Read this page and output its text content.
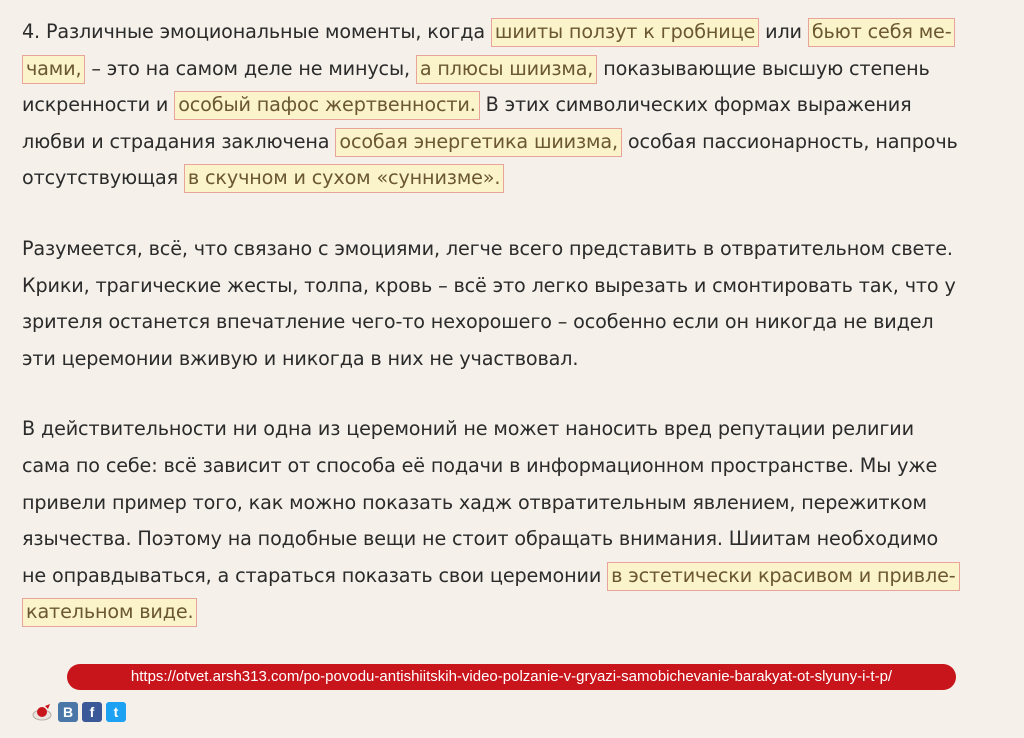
4. Различные эмоциональные моменты, когда шииты ползут к гробнице или бьют себя ме-
чами, – это на самом деле не минусы, а плюсы шиизма, показывающие высшую степень
искренности и особый пафос жертвенности. В этих символических формах выражения
любви и страдания заключена особая энергетика шиизма, особая пассионарность, напрочь
отсутствующая в скучном и сухом «суннизме».
Разумеется, всё, что связано с эмоциями, легче всего представить в отвратительном свете.
Крики, трагические жесты, толпа, кровь – всё это легко вырезать и смонтировать так, что у
зрителя останется впечатление чего-то нехорошего – особенно если он никогда не видел
эти церемонии вживую и никогда в них не участвовал.
В действительности ни одна из церемоний не может наносить вред репутации религии
сама по себе: всё зависит от способа её подачи в информационном пространстве. Мы уже
привели пример того, как можно показать хадж отвратительным явлением, пережитком
язычества. Поэтому на подобные вещи не стоит обращать внимания. Шиитам необходимо
не оправдываться, а стараться показать свои церемонии в эстетически красивом и привле-
кательном виде.
https://otvet.arsh313.com/po-povodu-antishiitskih-video-polzanie-v-gryazi-samobichevanie-barakyat-ot-slyuny-i-t-p/
В	f	t
